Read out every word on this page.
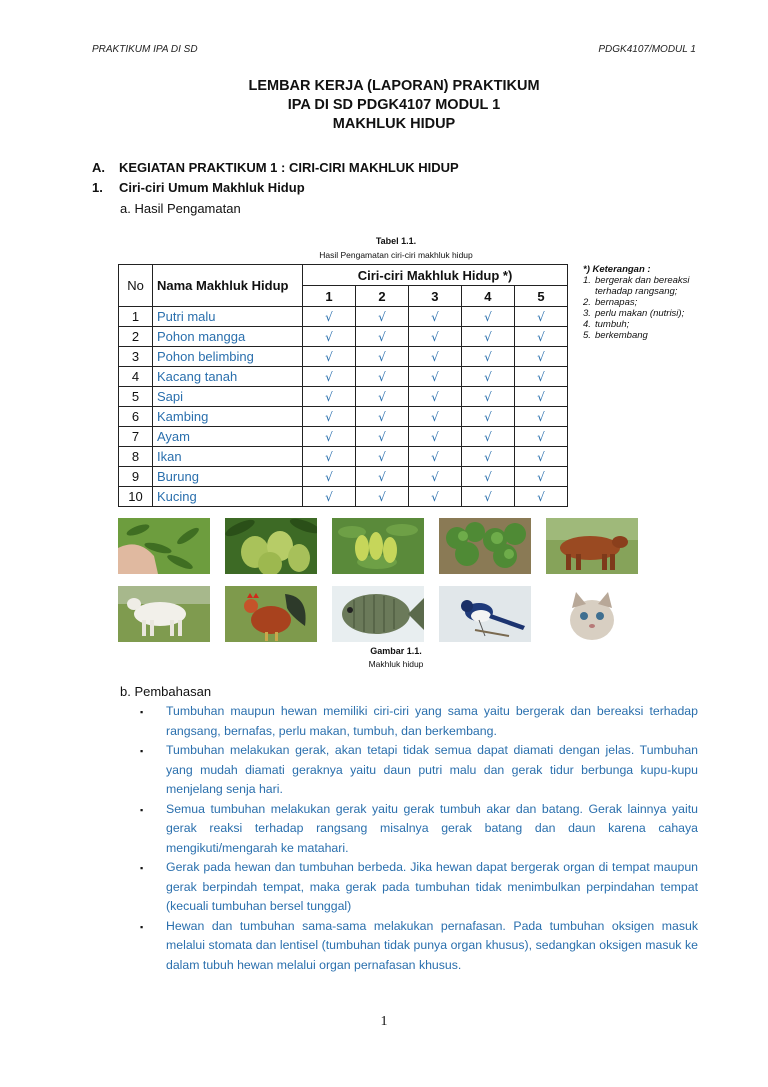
PRAKTIKUM IPA DI SD	PDGK4107/MODUL 1
LEMBAR KERJA (LAPORAN) PRAKTIKUM
IPA DI SD PDGK4107 MODUL 1
MAKHLUK HIDUP
A. KEGIATAN PRAKTIKUM 1 : CIRI-CIRI MAKHLUK HIDUP
1. Ciri-ciri Umum Makhluk Hidup
a. Hasil Pengamatan
Tabel 1.1.
Hasil Pengamatan ciri-ciri makhluk hidup
No	Nama Makhluk Hidup	Ciri-ciri Makhluk Hidup *)				
		1	2	3	4	5
1	Putri malu	√	√	√	√	√
2	Pohon mangga	√	√	√	√	√
3	Pohon belimbing	√	√	√	√	√
4	Kacang tanah	√	√	√	√	√
5	Sapi	√	√	√	√	√
6	Kambing	√	√	√	√	√
7	Ayam	√	√	√	√	√
8	Ikan	√	√	√	√	√
9	Burung	√	√	√	√	√
10	Kucing	√	√	√	√	√
*) Keterangan :
1. bergerak dan bereaksi terhadap rangsang;
2. bernapas;
3. perlu makan (nutrisi);
4. tumbuh;
5. berkembang
Gambar 1.1.
Makhluk hidup
b. Pembahasan
▪	Tumbuhan maupun hewan memiliki ciri-ciri yang sama yaitu bergerak dan bereaksi terhadap rangsang, bernafas, perlu makan, tumbuh, dan berkembang.
▪	Tumbuhan melakukan gerak, akan tetapi tidak semua dapat diamati dengan jelas. Tumbuhan yang mudah diamati geraknya yaitu daun putri malu dan gerak tidur berbunga kupu-kupu menjelang senja hari.
▪	Semua tumbuhan melakukan gerak yaitu gerak tumbuh akar dan batang. Gerak lainnya yaitu gerak reaksi terhadap rangsang misalnya gerak batang dan daun karena cahaya mengikuti/mengarah ke matahari.
▪	Gerak pada hewan dan tumbuhan berbeda. Jika hewan dapat bergerak organ di tempat maupun gerak berpindah tempat, maka gerak pada tumbuhan tidak menimbulkan perpindahan tempat (kecuali tumbuhan bersel tunggal)
▪	Hewan dan tumbuhan sama-sama melakukan pernafasan. Pada tumbuhan oksigen masuk melalui stomata dan lentisel (tumbuhan tidak punya organ khusus), sedangkan oksigen masuk ke dalam tubuh hewan melalui organ pernafasan khusus.
1
